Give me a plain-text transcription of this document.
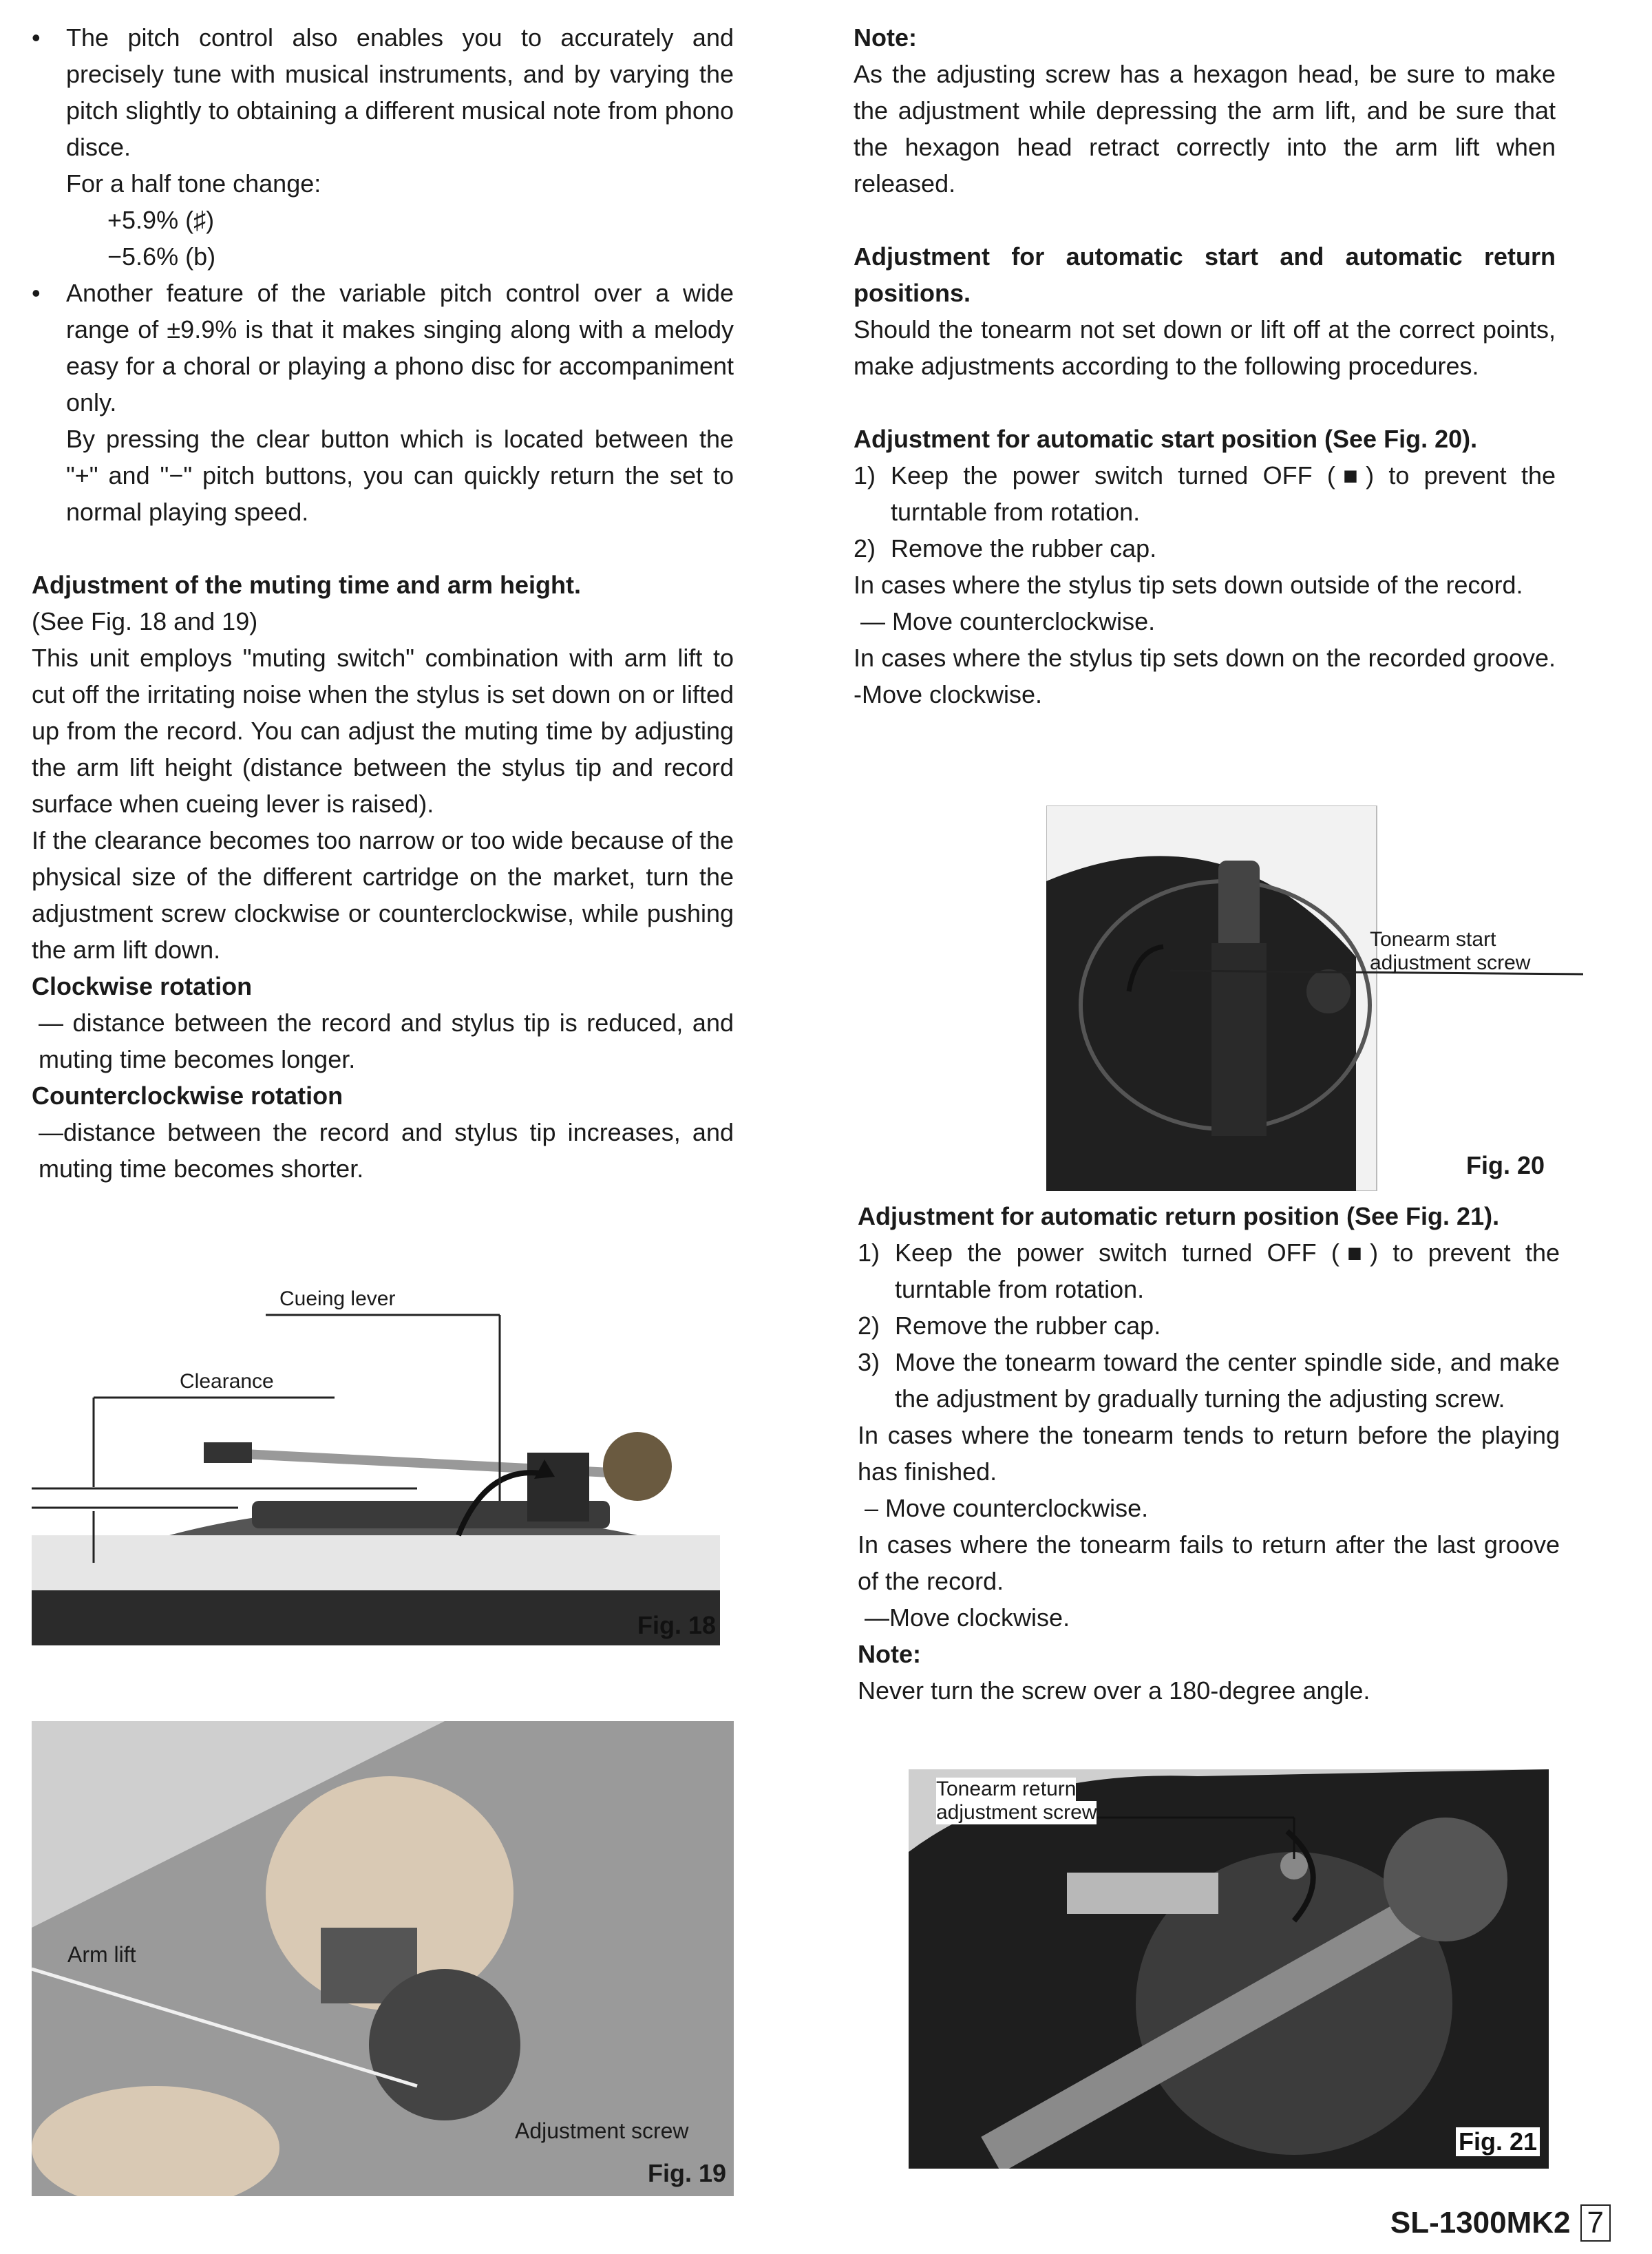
• The pitch control also enables you to accurately and precisely tune with musical instruments, and by varying the pitch slightly to obtaining a different musical note from phono disce.

For a half tone change:

+5.9% (♯)

−5.6% (b)

• Another feature of the variable pitch control over a wide range of ±9.9% is that it makes singing along with a melody easy for a choral or playing a phono disc for accompaniment only.

By pressing the clear button which is located between the "+" and "−" pitch buttons, you can quickly return the set to normal playing speed.

Adjustment of the muting time and arm height.

(See Fig. 18 and 19)

This unit employs "muting switch" combination with arm lift to cut off the irritating noise when the stylus is set down on or lifted up from the record. You can adjust the muting time by adjusting the arm lift height (distance between the stylus tip and record surface when cueing lever is raised).

If the clearance becomes too narrow or too wide because of the physical size of the different cartridge on the market, turn the adjustment screw clockwise or counterclockwise, while pushing the arm lift down.

Clockwise rotation

— distance between the record and stylus tip is reduced, and muting time becomes longer.

Counterclockwise rotation

—distance between the record and stylus tip increases, and muting time becomes shorter.

Cueing lever
Clearance
Fig. 18
Arm lift
Adjustment screw
Fig. 19

Note:

As the adjusting screw has a hexagon head, be sure to make the adjustment while depressing the arm lift, and be sure that the hexagon head retract correctly into the arm lift when released.

Adjustment for automatic start and automatic return positions.

Should the tonearm not set down or lift off at the correct points, make adjustments according to the following procedures.

Adjustment for automatic start position (See Fig. 20).

1) Keep the power switch turned OFF (■) to prevent the turntable from rotation.

2) Remove the rubber cap.

In cases where the stylus tip sets down outside of the record.

— Move counterclockwise.

In cases where the stylus tip sets down on the recorded groove. -Move clockwise.

Tonearm start
adjustment screw
Fig. 20

Adjustment for automatic return position (See Fig. 21).

1) Keep the power switch turned OFF (■) to prevent the turntable from rotation.

2) Remove the rubber cap.

3) Move the tonearm toward the center spindle side, and make the adjustment by gradually turning the adjusting screw.

In cases where the tonearm tends to return before the playing has finished.

– Move counterclockwise.

In cases where the tonearm fails to return after the last groove of the record.

—Move clockwise.

Note:

Never turn the screw over a 180-degree angle.

Tonearm return
adjustment screw
Fig. 21
SL-1300MK2 7
